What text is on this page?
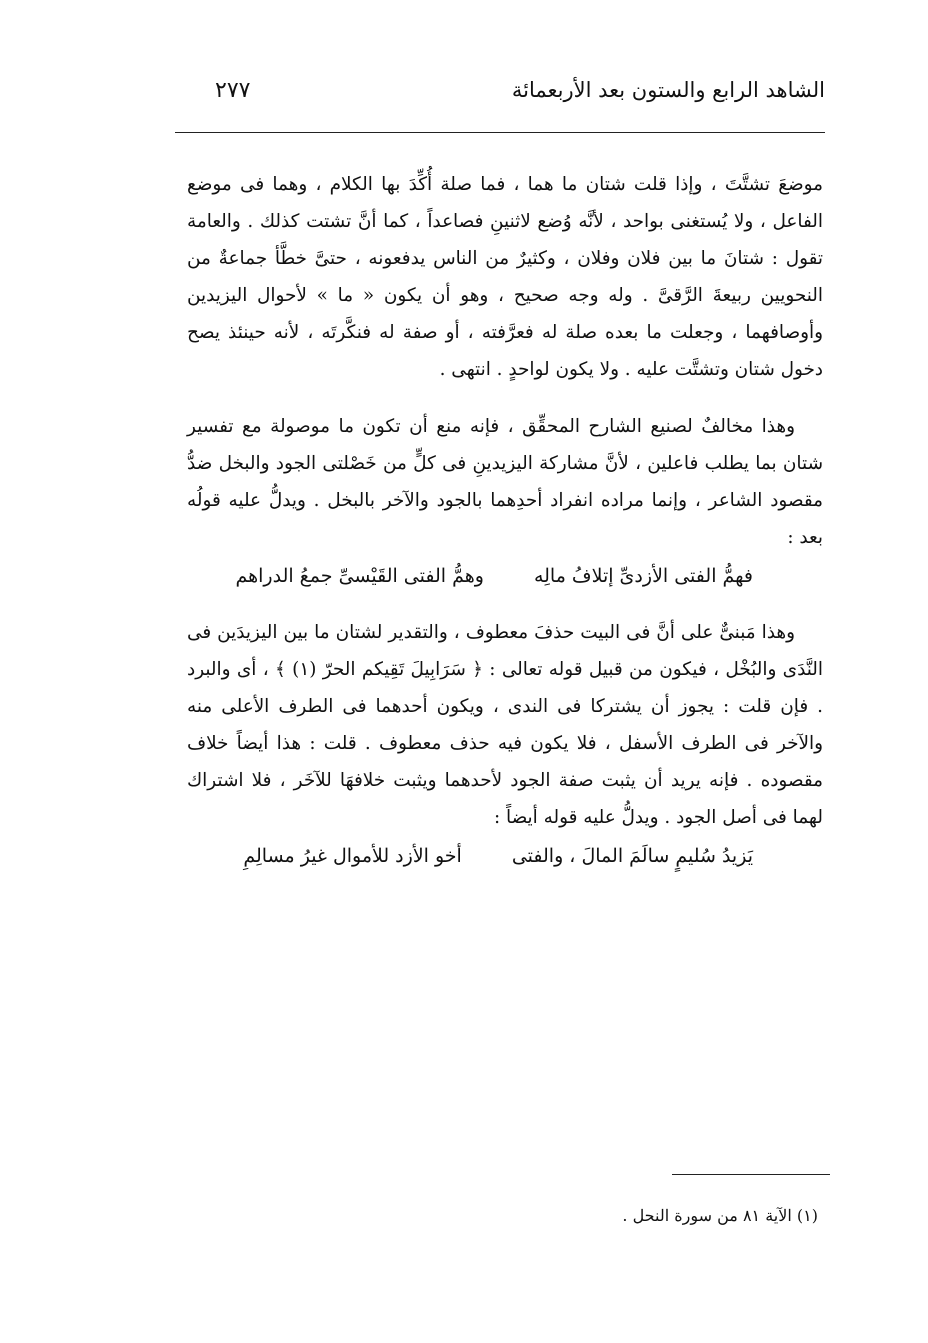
الشاهد الرابع والستون بعد الأربعمائة
٢٧٧

موضعَ تشتَّتَ ، وإذا قلت شتان ما هما ، فما صلة أُكِّدَ بها الكلام ، وهما فى موضع الفاعل ، ولا يُستغنى بواحد ، لأنَّه وُضع لاثنينِ فصاعداً ، كما أنَّ تشتت كذلك . والعامة تقول : شتانَ ما بين فلان وفلان ، وكثيرٌ من الناس يدفعونه ، حتىَّ خطَّأ جماعةٌ من النحويين ربيعةَ الرَّقىَّ . وله وجه صحيح ، وهو أن يكون « ما » لأحوال اليزيدين وأوصافهما ، وجعلت ما بعده صلة له فعرَّفته ، أو صفة له فنكَّرتَه ، لأنه حينئذ يصح دخول شتان وتشتَّت عليه . ولا يكون لواحدٍ . انتهى .

وهذا مخالفٌ لصنيع الشارح المحقِّق ، فإنه منع أن تكون ما موصولة مع تفسير شتان بما يطلب فاعلين ، لأنَّ مشاركة اليزيدينِ فى كلٍّ من خَصْلتى الجود والبخل ضدُّ مقصود الشاعر ، وإنما مراده انفراد أحدِهما بالجود والآخر بالبخل . ويدلُّ عليه قولُه بعد :

فهمُّ الفتى الأزدىِّ إتلافُ مالِه
وهمُّ الفتى القَيْسىِّ جمعُ الدراهم

وهذا مَبنىٌّ على أنَّ فى البيت حذفَ معطوف ، والتقدير لشتان ما بين اليزيدَين فى النَّدَى والبُخْل ، فيكون من قبيل قوله تعالى : ﴿ سَرَابِيلَ تَقِيكم الحرّ (١) ﴾ ، أى والبرد . فإن قلت : يجوز أن يشتركا فى الندى ، ويكون أحدهما فى الطرف الأعلى منه والآخر فى الطرف الأسفل ، فلا يكون فيه حذف معطوف . قلت : هذا أيضاً خلاف مقصوده . فإنه يريد أن يثبت صفة الجود لأحدهما ويثبت خلافهَا للآخَر ، فلا اشتراك لهما فى أصل الجود . ويدلُّ عليه قوله أيضاً :

يَزيدُ سُليمٍ سالَمَ المالَ ، والفتى
أخو الأزد للأموال غيرُ مسالِمِ
(١) الآية ٨١ من سورة النحل .
